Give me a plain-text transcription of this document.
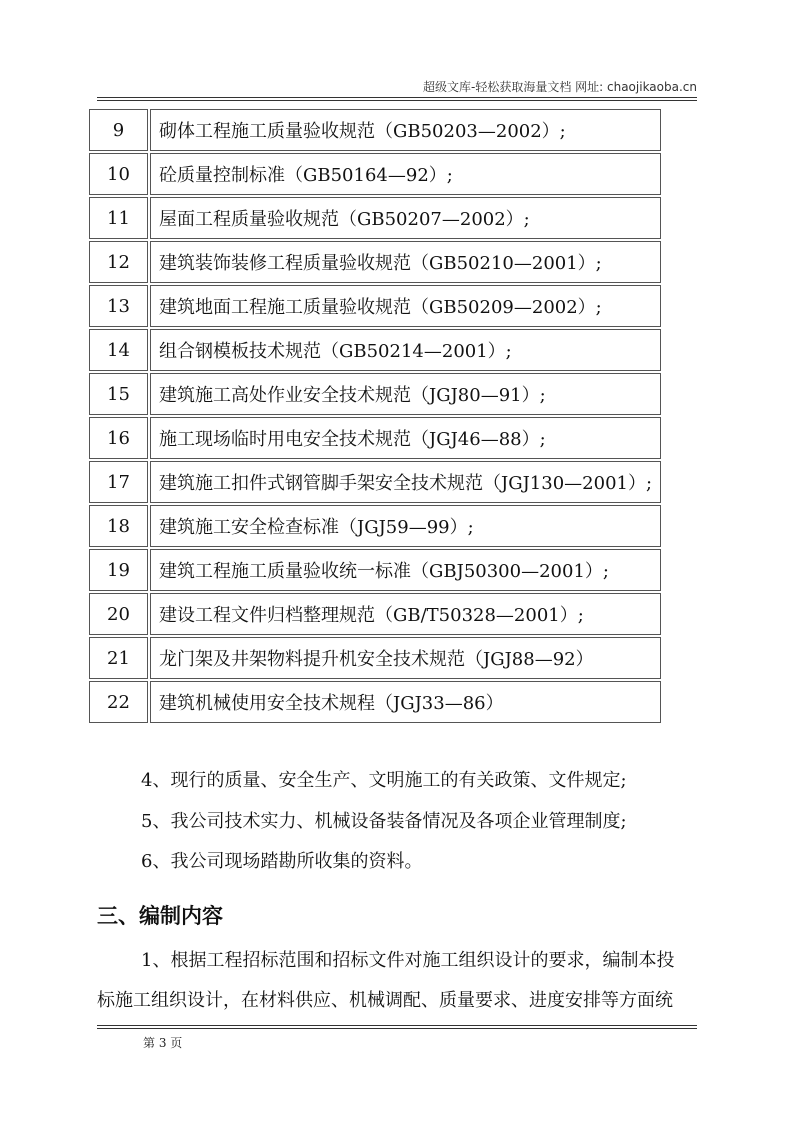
超级文库-轻松获取海量文档 网址: chaojikaoba.cn
9	砌体工程施工质量验收规范（GB50203—2002）;
10	砼质量控制标准（GB50164—92）;
11	屋面工程质量验收规范（GB50207—2002）;
12	建筑装饰装修工程质量验收规范（GB50210—2001）;
13	建筑地面工程施工质量验收规范（GB50209—2002）;
14	组合钢模板技术规范（GB50214—2001）;
15	建筑施工高处作业安全技术规范（JGJ80—91）;
16	施工现场临时用电安全技术规范（JGJ46—88）;
17	建筑施工扣件式钢管脚手架安全技术规范（JGJ130—2001）;
18	建筑施工安全检查标准（JGJ59—99）;
19	建筑工程施工质量验收统一标准（GBJ50300—2001）;
20	建设工程文件归档整理规范（GB/T50328—2001）;
21	龙门架及井架物料提升机安全技术规范（JGJ88—92）
22	建筑机械使用安全技术规程（JGJ33—86）
4、现行的质量、安全生产、文明施工的有关政策、文件规定;
5、我公司技术实力、机械设备装备情况及各项企业管理制度;
6、我公司现场踏勘所收集的资料。
三、编制内容
1、根据工程招标范围和招标文件对施工组织设计的要求，编制本投
标施工组织设计，在材料供应、机械调配、质量要求、进度安排等方面统
第 3 页
